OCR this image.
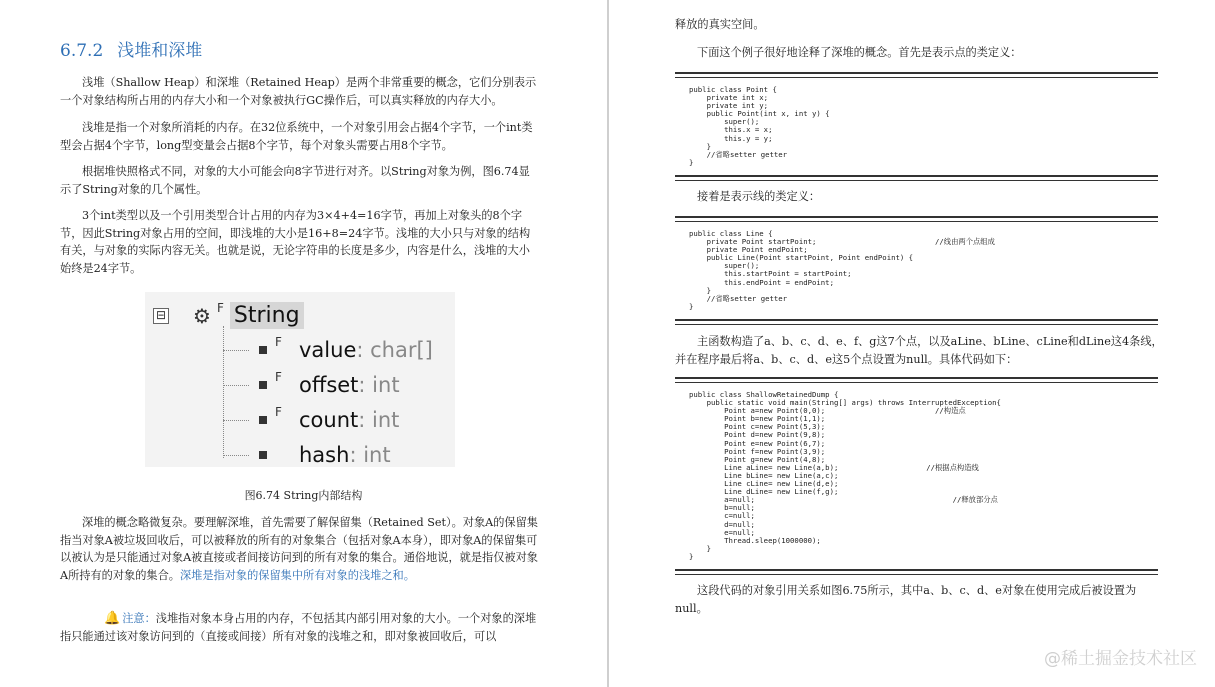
6.7.2 浅堆和深堆

浅堆（Shallow Heap）和深堆（Retained Heap）是两个非常重要的概念，它们分别表示一个对象结构所占用的内存大小和一个对象被执行GC操作后，可以真实释放的内存大小。

浅堆是指一个对象所消耗的内存。在32位系统中，一个对象引用会占据4个字节，一个int类型会占据4个字节，long型变量会占据8个字节，每个对象头需要占用8个字节。

根据堆快照格式不同，对象的大小可能会向8字节进行对齐。以String对象为例，图6.74显示了String对象的几个属性。

3个int类型以及一个引用类型合计占用的内存为3×4+4=16字节，再加上对象头的8个字节，因此String对象占用的空间，即浅堆的大小是16+8=24字节。浅堆的大小只与对象的结构有关，与对象的实际内容无关。也就是说，无论字符串的长度是多少，内容是什么，浅堆的大小始终是24字节。

⊟ ⚙ F String
F value : char[]
F offset : int
F count : int
hash : int
图6.74 String内部结构

深堆的概念略微复杂。要理解深堆，首先需要了解保留集（Retained Set）。对象A的保留集指当对象A被垃圾回收后，可以被释放的所有的对象集合（包括对象A本身），即对象A的保留集可以被认为是只能通过对象A被直接或者间接访问到的所有对象的集合。通俗地说，就是指仅被对象A所持有的对象的集合。深堆是指对象的保留集中所有对象的浅堆之和。

🔔 注意：浅堆指对象本身占用的内存，不包括其内部引用对象的大小。一个对象的深堆指只能通过该对象访问到的（直接或间接）所有对象的浅堆之和，即对象被回收后，可以

释放的真实空间。

下面这个例子很好地诠释了深堆的概念。首先是表示点的类定义：

public class Point {
private int x;
private int y;
public Point(int x, int y) {
super();
this.x = x;
this.y = y;
}
//省略setter getter
}

接着是表示线的类定义：

public class Line {
private Point startPoint;                           //线由两个点组成
private Point endPoint;
public Line(Point startPoint, Point endPoint) {
super();
this.startPoint = startPoint;
this.endPoint = endPoint;
}
//省略setter getter
}

主函数构造了a、b、c、d、e、f、g这7个点，以及aLine、bLine、cLine和dLine这4条线，并在程序最后将a、b、c、d、e这5个点设置为null。具体代码如下：

public class ShallowRetainedDump {
public static void main(String[] args) throws InterruptedException{
Point a=new Point(0,0);                         //构造点
Point b=new Point(1,1);
Point c=new Point(5,3);
Point d=new Point(9,8);
Point e=new Point(6,7);
Point f=new Point(3,9);
Point g=new Point(4,8);
Line aLine= new Line(a,b);                    //根据点构造线
Line bLine= new Line(a,c);
Line cLine= new Line(d,e);
Line dLine= new Line(f,g);
a=null;                                             //释放部分点
b=null;
c=null;
d=null;
e=null;
Thread.sleep(1000000);
}
}

这段代码的对象引用关系如图6.75所示，其中a、b、c、d、e对象在使用完成后被设置为null。

@稀土掘金技术社区
